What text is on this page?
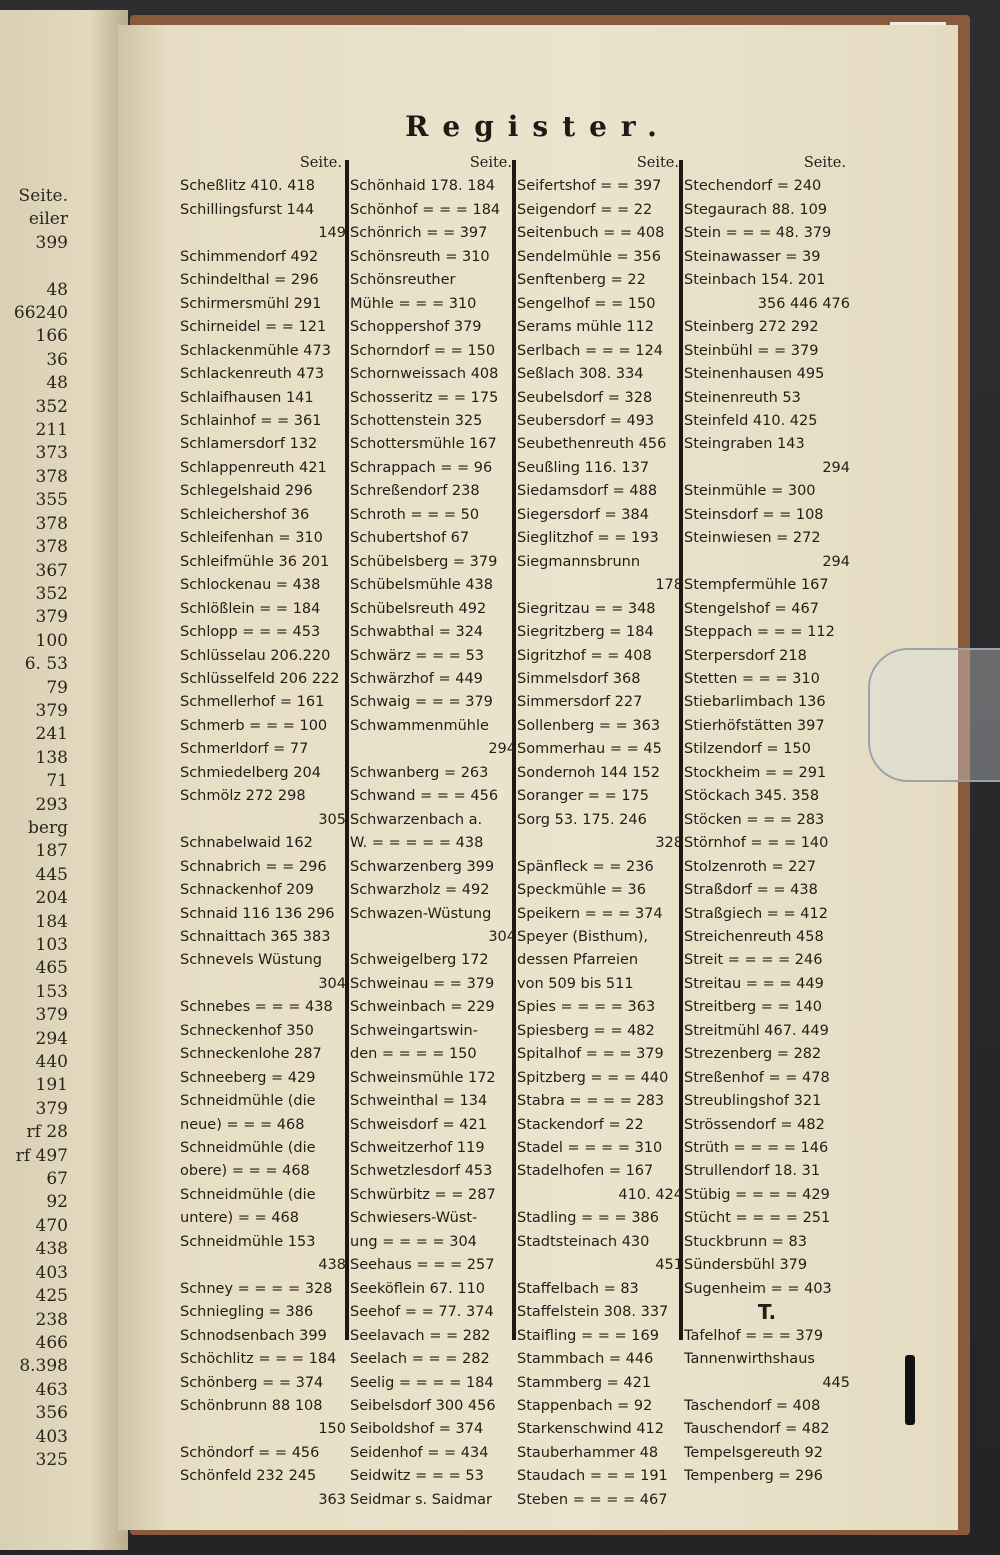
Seite.
eiler
399

48
66240
166
36
48
352
211
373
378
355
378
378
367
352
379
100
6. 53
79
379
241
138
71
293
berg
187
445
204
184
103
465
153
379
294
440
191
379
rf 28
rf 497
67
92
470
438
403
425
238
466
8.398
463
356
403
325
Register.
Seite.
Scheßlitz 410. 418
Schillingsfurst 144
149
Schimmendorf 492
Schindelthal = 296
Schirmersmühl 291
Schirneidel = = 121
Schlackenmühle 473
Schlackenreuth 473
Schlaifhausen 141
Schlainhof = = 361
Schlamersdorf 132
Schlappenreuth 421
Schlegelshaid 296
Schleichershof 36
Schleifenhan = 310
Schleifmühle 36 201
Schlockenau = 438
Schlößlein = = 184
Schlopp = = = 453
Schlüsselau 206.220
Schlüsselfeld 206 222
Schmellerhof = 161
Schmerb = = = 100
Schmerldorf = 77
Schmiedelberg 204
Schmölz 272 298
305
Schnabelwaid 162
Schnabrich = = 296
Schnackenhof 209
Schnaid 116 136 296
Schnaittach 365 383
Schnevels Wüstung
304
Schnebes = = = 438
Schneckenhof 350
Schneckenlohe 287
Schneeberg = 429
Schneidmühle (die
neue) = = = 468
Schneidmühle (die
obere) = = = 468
Schneidmühle (die
untere) = = 468
Schneidmühle 153
438
Schney = = = = 328
Schniegling = 386
Schnodsenbach 399
Schöchlitz = = = 184
Schönberg = = 374
Schönbrunn 88 108
150
Schöndorf = = 456
Schönfeld 232 245
363
Seite.
Schönhaid 178. 184
Schönhof = = = 184
Schönrich = = 397
Schönsreuth = 310
Schönsreuther
Mühle = = = 310
Schoppershof 379
Schorndorf = = 150
Schornweissach 408
Schosseritz = = 175
Schottenstein 325
Schottersmühle 167
Schrappach = = 96
Schreßendorf 238
Schroth = = = 50
Schubertshof 67
Schübelsberg = 379
Schübelsmühle 438
Schübelsreuth 492
Schwabthal = 324
Schwärz = = = 53
Schwärzhof = 449
Schwaig = = = 379
Schwammenmühle
294
Schwanberg = 263
Schwand = = = 456
Schwarzenbach a.
W. = = = = = 438
Schwarzenberg 399
Schwarzholz = 492
Schwazen-Wüstung
304
Schweigelberg 172
Schweinau = = 379
Schweinbach = 229
Schweingartswin-
den = = = = 150
Schweinsmühle 172
Schweinthal = 134
Schweisdorf = 421
Schweitzerhof 119
Schwetzlesdorf 453
Schwürbitz = = 287
Schwiesers-Wüst-
ung = = = = 304
Seehaus = = = 257
Seeköflein 67. 110
Seehof = = 77. 374
Seelavach = = 282
Seelach = = = 282
Seelig = = = = 184
Seibelsdorf 300 456
Seiboldshof = 374
Seidenhof = = 434
Seidwitz = = = 53
Seidmar s. Saidmar
Seite.
Seifertshof = = 397
Seigendorf = = 22
Seitenbuch = = 408
Sendelmühle = 356
Senftenberg = 22
Sengelhof = = 150
Serams mühle 112
Serlbach = = = 124
Seßlach 308. 334
Seubelsdorf = 328
Seubersdorf = 493
Seubethenreuth 456
Seußling 116. 137
Siedamsdorf = 488
Siegersdorf = 384
Sieglitzhof = = 193
Siegmannsbrunn
178
Siegritzau = = 348
Siegritzberg = 184
Sigritzhof = = 408
Simmelsdorf 368
Simmersdorf 227
Sollenberg = = 363
Sommerhau = = 45
Sondernoh 144 152
Soranger = = 175
Sorg 53. 175. 246
328
Spänfleck = = 236
Speckmühle = 36
Speikern = = = 374
Speyer (Bisthum),
dessen Pfarreien
von 509 bis 511
Spies = = = = 363
Spiesberg = = 482
Spitalhof = = = 379
Spitzberg = = = 440
Stabra = = = = 283
Stackendorf = 22
Stadel = = = = 310
Stadelhofen = 167
410. 424
Stadling = = = 386
Stadtsteinach 430
451
Staffelbach = 83
Staffelstein 308. 337
Staifling = = = 169
Stammbach = 446
Stammberg = 421
Stappenbach = 92
Starkenschwind 412
Stauberhammer 48
Staudach = = = 191
Steben = = = = 467
Seite.
Stechendorf = 240
Stegaurach 88. 109
Stein = = = 48. 379
Steinawasser = 39
Steinbach 154. 201
356 446 476
Steinberg 272 292
Steinbühl = = 379
Steinenhausen 495
Steinenreuth 53
Steinfeld 410. 425
Steingraben 143
294
Steinmühle = 300
Steinsdorf = = 108
Steinwiesen = 272
294
Stempfermühle 167
Stengelshof = 467
Steppach = = = 112
Sterpersdorf 218
Stetten = = = 310
Stiebarlimbach 136
Stierhöfstätten 397
Stilzendorf = 150
Stockheim = = 291
Stöckach 345. 358
Stöcken = = = 283
Störnhof = = = 140
Stolzenroth = 227
Straßdorf = = 438
Straßgiech = = 412
Streichenreuth 458
Streit = = = = 246
Streitau = = = 449
Streitberg = = 140
Streitmühl 467. 449
Strezenberg = 282
Streßenhof = = 478
Streublingshof 321
Strössendorf = 482
Strüth = = = = 146
Strullendorf 18. 31
Stübig = = = = 429
Stücht = = = = 251
Stuckbrunn = 83
Sündersbühl 379
Sugenheim = = 403
T.
Tafelhof = = = 379
Tannenwirthshaus
445
Taschendorf = 408
Tauschendorf = 482
Tempelsgereuth 92
Tempenberg = 296
